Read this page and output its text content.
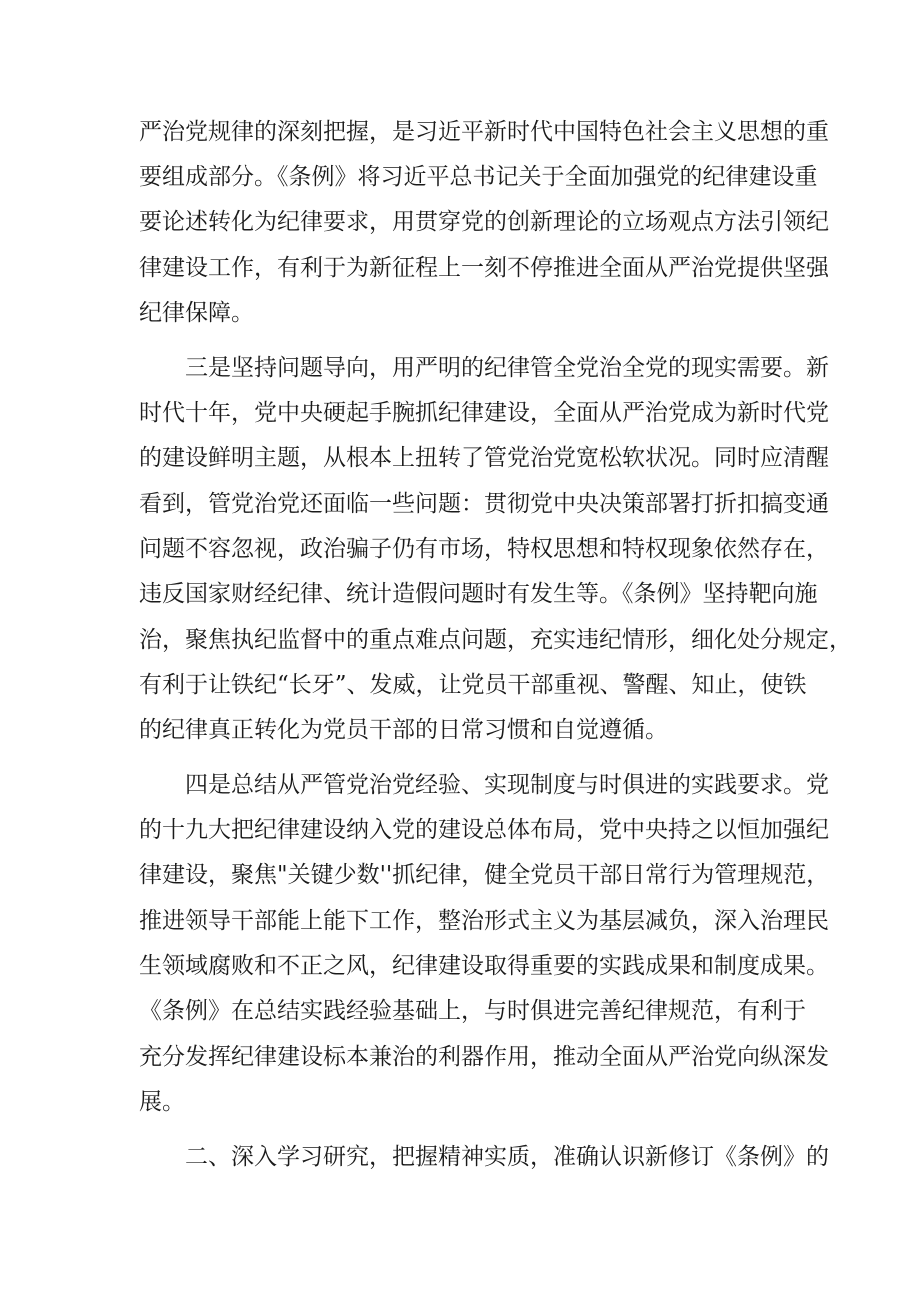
严治党规律的深刻把握，是习近平新时代中国特色社会主义思想的重
要组成部分。《条例》将习近平总书记关于全面加强党的纪律建设重
要论述转化为纪律要求，用贯穿党的创新理论的立场观点方法引领纪
律建设工作，有利于为新征程上一刻不停推进全面从严治党提供坚强
纪律保障。
　　三是坚持问题导向，用严明的纪律管全党治全党的现实需要。新
时代十年，党中央硬起手腕抓纪律建设，全面从严治党成为新时代党
的建设鲜明主题，从根本上扭转了管党治党宽松软状况。同时应清醒
看到，管党治党还面临一些问题：贯彻党中央决策部署打折扣搞变通
问题不容忽视，政治骗子仍有市场，特权思想和特权现象依然存在，
违反国家财经纪律、统计造假问题时有发生等。《条例》坚持靶向施
治，聚焦执纪监督中的重点难点问题，充实违纪情形，细化处分规定，
有利于让铁纪“长牙”、发威，让党员干部重视、警醒、知止，使铁
的纪律真正转化为党员干部的日常习惯和自觉遵循。
　　四是总结从严管党治党经验、实现制度与时俱进的实践要求。党
的十九大把纪律建设纳入党的建设总体布局，党中央持之以恒加强纪
律建设，聚焦"关键少数''抓纪律，健全党员干部日常行为管理规范，
推进领导干部能上能下工作，整治形式主义为基层减负，深入治理民
生领域腐败和不正之风，纪律建设取得重要的实践成果和制度成果。
《条例》在总结实践经验基础上，与时俱进完善纪律规范，有利于
充分发挥纪律建设标本兼治的利器作用，推动全面从严治党向纵深发
展。
　　二、深入学习研究，把握精神实质，准确认识新修订《条例》的
